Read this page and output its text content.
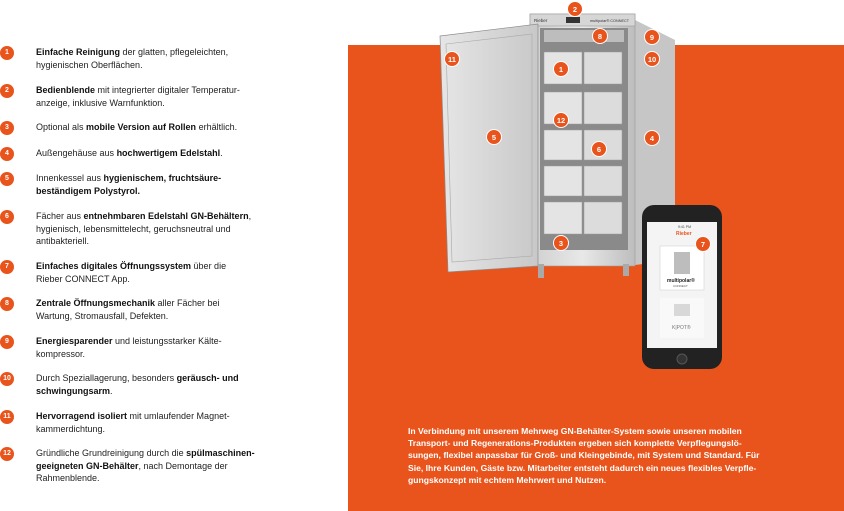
1	Einfache Reinigung der glatten, pflegeleichten,
hygienischen Oberflächen.
2	Bedienblende mit integrierter digitaler Temperatur-
anzeige, inklusive Warnfunktion.
3	Optional als mobile Version auf Rollen erhältlich.
4	Außengehäuse aus hochwertigem Edelstahl.
5	Innenkessel aus hygienischem, fruchtsäure-
beständigem Polystyrol.
6	Fächer aus entnehmbaren Edelstahl GN-Behältern,
hygienisch, lebensmittelecht, geruchsneutral und
antibakteriell.
7	Einfaches digitales Öffnungssystem über die
Rieber CONNECT App.
8	Zentrale Öffnungsmechanik aller Fächer bei
Wartung, Stromausfall, Defekten.
9	Energiesparender und leistungsstarker Kälte-
kompressor.
10	Durch Speziallagerung, besonders geräusch- und
schwingungsarm.
11	Hervorragend isoliert mit umlaufender Magnet-
kammerdichtung.
12	Gründliche Grundreinigung durch die spülmaschinen-
geeigneten GN-Behälter, nach Demontage der
Rahmenblende.
Rieber	multipolar® CONNECT
9:41 PM
Rieber
multipolar®
CONNECT
K|POT®
2
8	9
10
11
1
5	4
12
6
3	7
In Verbindung mit unserem Mehrweg GN-Behälter-System sowie unseren mobilen
Transport- und Regenerations-Produkten ergeben sich komplette Verpflegungslö-
sungen, flexibel anpassbar für Groß- und Kleingebinde, mit System und Standard. Für
Sie, Ihre Kunden, Gäste bzw. Mitarbeiter entsteht dadurch ein neues flexibles Verpfle-
gungskonzept mit echtem Mehrwert und Nutzen.
